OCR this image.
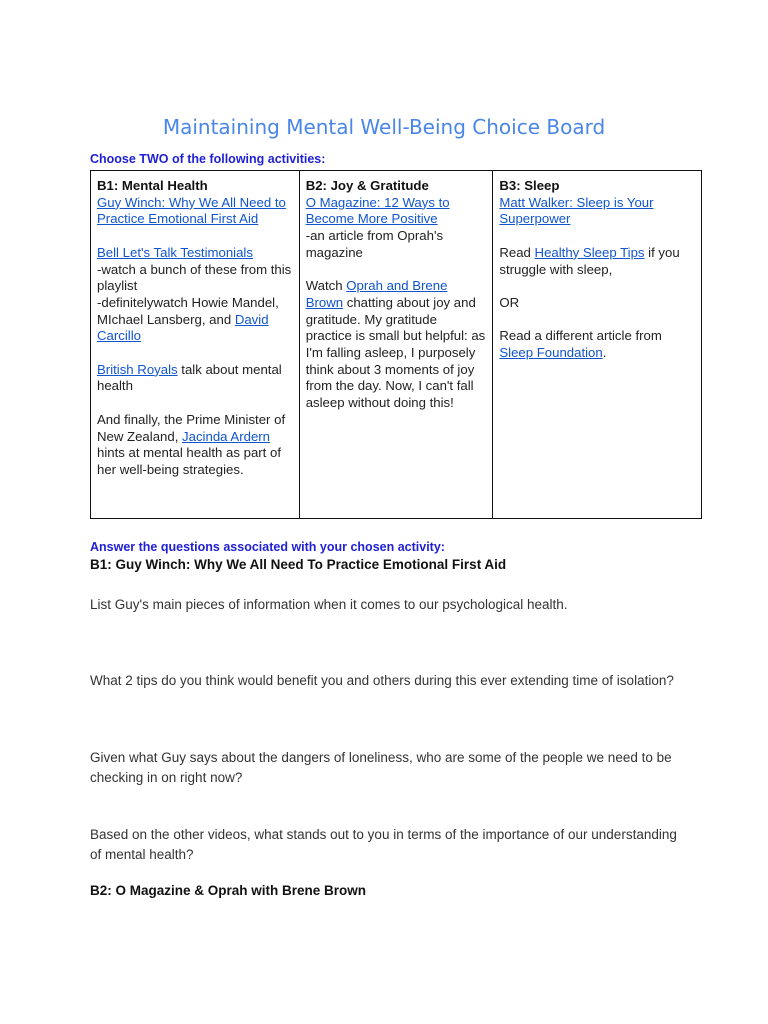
Maintaining Mental Well-Being Choice Board
Choose TWO of the following activities:
B1: Mental Health
Guy Winch: Why We All Need to Practice Emotional First Aid
Bell Let's Talk Testimonials
-watch a bunch of these from this playlist
-definitelywatch Howie Mandel, MIchael Lansberg, and David Carcillo
British Royals talk about mental health
And finally, the Prime Minister of New Zealand, Jacinda Ardern hints at mental health as part of her well-being strategies.	
B2: Joy & Gratitude
O Magazine: 12 Ways to Become More Positive
-an article from Oprah's magazine
Watch Oprah and Brene Brown chatting about joy and gratitude. My gratitude practice is small but helpful: as I'm falling asleep, I purposely think about 3 moments of joy from the day. Now, I can't fall asleep without doing this!	
B3: Sleep
Matt Walker: Sleep is Your Superpower
Read Healthy Sleep Tips if you struggle with sleep,
OR
Read a different article from Sleep Foundation.
Answer the questions associated with your chosen activity:
B1: Guy Winch: Why We All Need To Practice Emotional First Aid
List Guy's main pieces of information when it comes to our psychological health.
What 2 tips do you think would benefit you and others during this ever extending time of isolation?
Given what Guy says about the dangers of loneliness, who are some of the people we need to be checking in on right now?
Based on the other videos, what stands out to you in terms of the importance of our understanding of mental health?
B2: O Magazine & Oprah with Brene Brown
